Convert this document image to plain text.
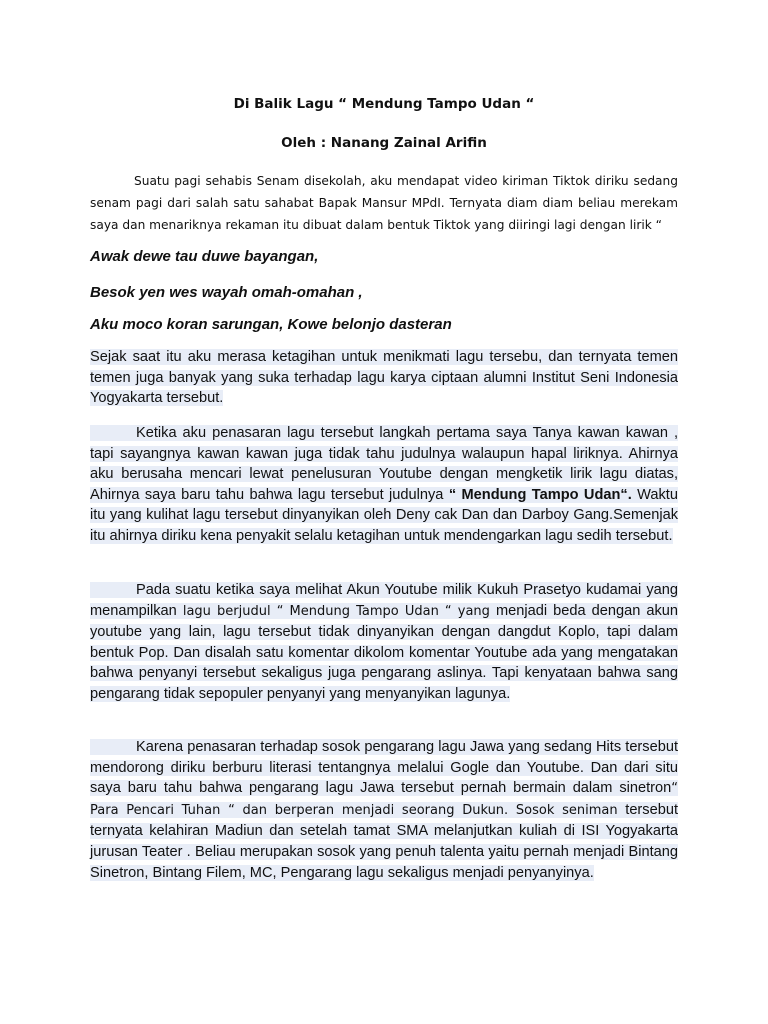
Di Balik Lagu “ Mendung Tampo Udan “
Oleh : Nanang Zainal Arifin
Suatu pagi sehabis Senam disekolah, aku mendapat video kiriman Tiktok diriku sedang senam pagi dari salah satu sahabat Bapak Mansur MPdI. Ternyata diam diam beliau merekam saya dan menariknya rekaman itu dibuat dalam bentuk Tiktok yang diiringi lagi dengan lirik “
Awak dewe tau duwe bayangan,
Besok yen wes wayah omah-omahan ,
Aku moco koran sarungan, Kowe belonjo dasteran
Sejak saat itu aku merasa ketagihan untuk menikmati lagu tersebu, dan ternyata temen temen juga banyak yang suka terhadap lagu karya ciptaan alumni Institut Seni Indonesia Yogyakarta tersebut.
Ketika aku penasaran lagu tersebut langkah pertama saya Tanya kawan kawan , tapi sayangnya kawan kawan juga tidak tahu judulnya walaupun hapal liriknya. Ahirnya aku berusaha mencari lewat penelusuran Youtube dengan mengketik lirik lagu diatas, Ahirnya saya baru tahu bahwa lagu tersebut judulnya “ Mendung Tampo Udan“. Waktu itu yang kulihat lagu tersebut dinyanyikan oleh Deny cak Dan dan Darboy Gang.Semenjak itu ahirnya diriku kena penyakit selalu ketagihan untuk mendengarkan lagu sedih tersebut.
Pada suatu ketika saya melihat Akun Youtube milik Kukuh Prasetyo kudamai yang menampilkan lagu berjudul “ Mendung Tampo Udan “ yang menjadi beda dengan akun youtube yang lain, lagu tersebut tidak dinyanyikan dengan dangdut Koplo, tapi dalam bentuk Pop. Dan disalah satu komentar dikolom komentar Youtube ada yang mengatakan bahwa penyanyi tersebut sekaligus juga pengarang aslinya. Tapi kenyataan bahwa sang pengarang tidak sepopuler penyanyi yang menyanyikan lagunya.
Karena penasaran terhadap sosok pengarang lagu Jawa yang sedang Hits tersebut mendorong diriku berburu literasi tentangnya melalui Gogle dan Youtube. Dan dari situ saya baru tahu bahwa pengarang lagu Jawa tersebut pernah bermain dalam sinetron“ Para Pencari Tuhan “ dan berperan menjadi seorang Dukun. Sosok seniman tersebut ternyata kelahiran Madiun dan setelah tamat SMA melanjutkan kuliah di ISI Yogyakarta jurusan Teater . Beliau merupakan sosok yang penuh talenta yaitu pernah menjadi Bintang Sinetron, Bintang Filem, MC, Pengarang lagu sekaligus menjadi penyanyinya.
